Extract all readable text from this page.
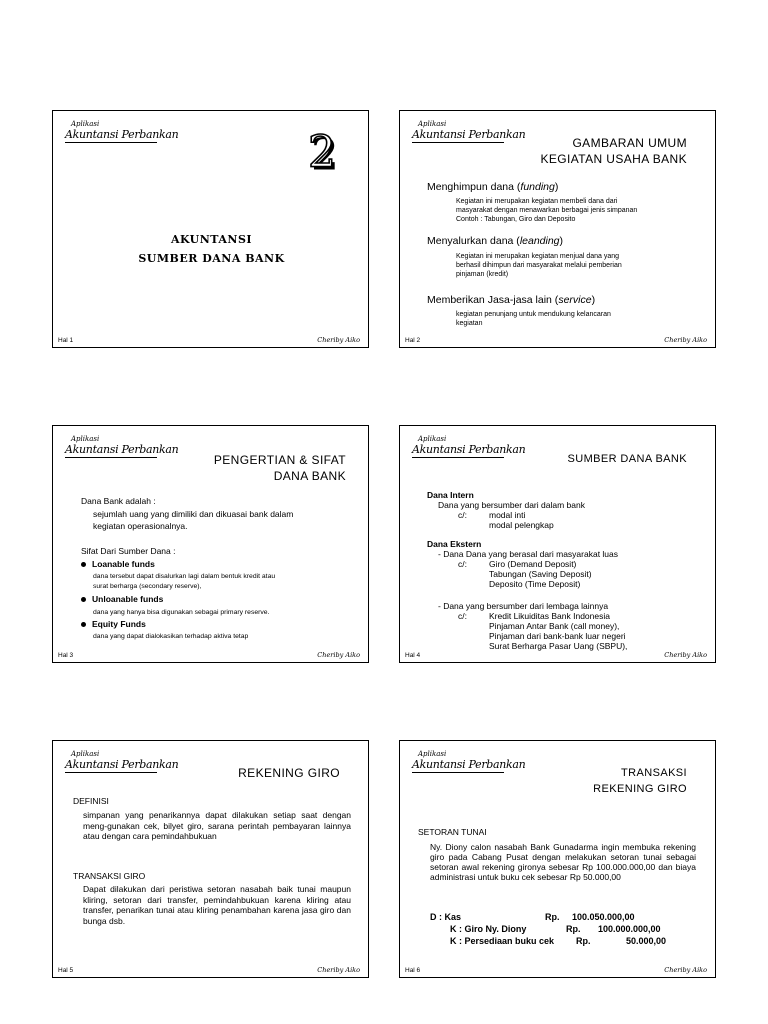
Aplikasi
Akuntansi Perbankan	2
AKUNTANSI
SUMBER DANA BANK
Hal 1	Cheriby Aiko
Aplikasi
Akuntansi Perbankan
GAMBARAN UMUM
KEGIATAN USAHA BANK
Menghimpun dana (funding)
Kegiatan ini merupakan kegiatan membeli dana dari
masyarakat dengan menawarkan berbagai jenis simpanan
Contoh : Tabungan, Giro dan Deposito
Menyalurkan dana (leanding)
Kegiatan ini merupakan kegiatan menjual dana yang
berhasil dihimpun dari masyarakat melalui pemberian
pinjaman (kredit)
Memberikan Jasa-jasa lain (service)
kegiatan penunjang untuk mendukung kelancaran
kegiatan
Hal 2	Cheriby Aiko
Aplikasi
Akuntansi Perbankan
PENGERTIAN & SIFAT
DANA BANK
Dana Bank adalah :
sejumlah uang yang dimiliki dan dikuasai bank dalam
kegiatan operasionalnya.
Sifat Dari Sumber Dana :
Loanable funds
dana tersebut dapat disalurkan lagi dalam bentuk kredit atau
surat berharga (secondary reserve),
Unloanable funds
dana yang hanya bisa digunakan sebagai primary reserve.
Equity Funds
dana yang dapat dialokasikan terhadap aktiva tetap
Hal 3	Cheriby Aiko
Aplikasi
Akuntansi Perbankan
SUMBER DANA BANK
Dana Intern
Dana yang bersumber dari dalam bank
c/:	modal inti
modal pelengkap
Dana Ekstern
- Dana Dana yang berasal dari masyarakat luas
c/:	Giro (Demand Deposit)
Tabungan (Saving Deposit)
Deposito (Time Deposit)
- Dana yang bersumber dari lembaga lainnya
c/:	Kredit Likuiditas Bank Indonesia
Pinjaman Antar Bank (call money),
Pinjaman dari bank-bank luar negeri
Surat Berharga Pasar Uang (SBPU),
Hal 4	Cheriby Aiko
Aplikasi
Akuntansi Perbankan
REKENING GIRO
DEFINISI
simpanan yang penarikannya dapat dilakukan setiap saat dengan meng-gunakan cek, bilyet giro, sarana perintah pembayaran lainnya atau dengan cara pemindahbukuan
TRANSAKSI GIRO
Dapat dilakukan dari peristiwa setoran nasabah baik tunai maupun kliring, setoran dari transfer, pemindahbukuan karena kliring atau transfer, penarikan tunai atau kliring penambahan karena jasa giro dan bunga dsb.
Hal 5	Cheriby Aiko
Aplikasi
Akuntansi Perbankan
TRANSAKSI
REKENING GIRO
SETORAN TUNAI
Ny. Diony calon nasabah Bank Gunadarma ingin membuka rekening giro pada Cabang Pusat dengan melakukan setoran tunai sebagai setoran awal rekening gironya sebesar Rp 100.000.000,00 dan biaya administrasi untuk buku cek sebesar Rp 50.000,00
D : Kas	Rp. 100.050.000,00
K : Giro Ny. Diony	Rp. 100.000.000,00
K : Persediaan buku cek Rp.	50.000,00
Hal 6	Cheriby Aiko
